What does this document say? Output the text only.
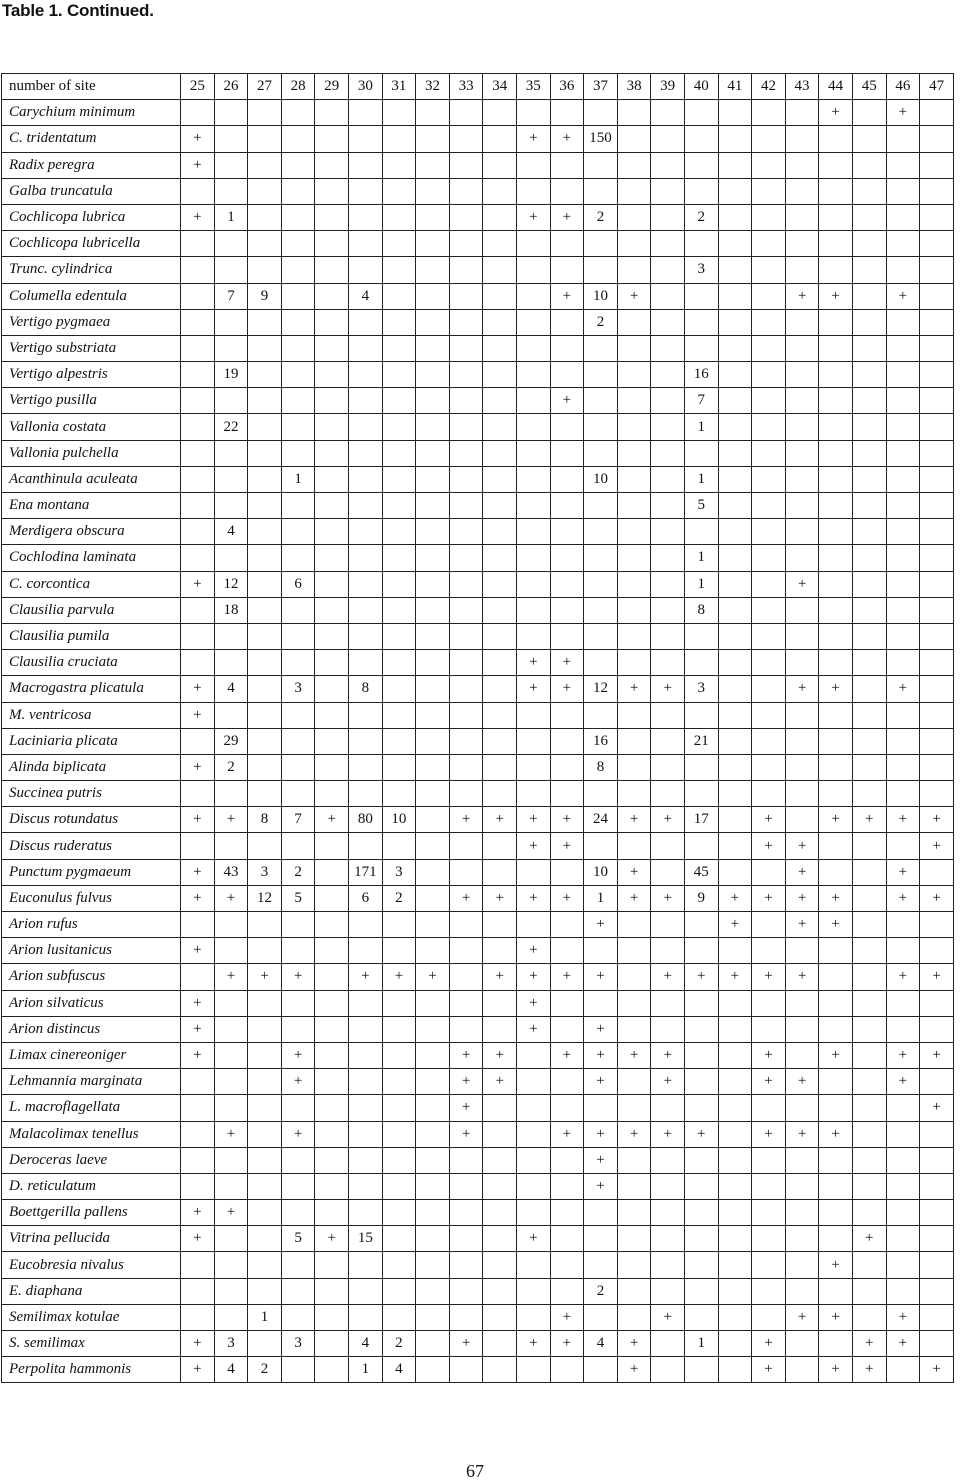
Table 1. Continued.
number of site	25	26	27	28	29	30	31	32	33	34	35	36	37	38	39	40	41	42	43	44	45	46	47
Carychium minimum																				+		+	
C. tridentatum	+										+	+	150										
Radix peregra	+																						
Galba truncatula																							
Cochlicopa lubrica	+	1									+	+	2			2							
Cochlicopa lubricella																							
Trunc. cylindrica																3							
Columella edentula		7	9			4						+	10	+					+	+		+	
Vertigo pygmaea													2										
Vertigo substriata																							
Vertigo alpestris		19														16							
Vertigo pusilla												+				7							
Vallonia costata		22														1							
Vallonia pulchella																							
Acanthinula aculeata				1									10			1							
Ena montana																5							
Merdigera obscura		4																					
Cochlodina laminata																1							
C. corcontica	+	12		6												1			+				
Clausilia parvula		18														8							
Clausilia pumila																							
Clausilia cruciata											+	+											
Macrogastra plicatula	+	4		3		8					+	+	12	+	+	3			+	+		+	
M. ventricosa	+																						
Laciniaria plicata		29											16			21							
Alinda biplicata	+	2											8										
Succinea putris																							
Discus rotundatus	+	+	8	7	+	80	10		+	+	+	+	24	+	+	17		+		+	+	+	+
Discus ruderatus											+	+						+	+				+
Punctum pygmaeum	+	43	3	2		171	3						10	+		45			+			+	
Euconulus fulvus	+	+	12	5		6	2		+	+	+	+	1	+	+	9	+	+	+	+		+	+
Arion rufus													+				+		+	+			
Arion lusitanicus	+										+												
Arion subfuscus		+	+	+		+	+	+		+	+	+	+		+	+	+	+	+			+	+
Arion silvaticus	+										+												
Arion distincus	+										+		+										
Limax cinereoniger	+			+					+	+		+	+	+	+			+		+		+	+
Lehmannia marginata				+					+	+			+		+			+	+			+	
L. macroflagellata									+														+
Malacolimax tenellus		+		+					+			+	+	+	+	+		+	+	+			
Deroceras laeve													+										
D. reticulatum													+										
Boettgerilla pallens	+	+																					
Vitrina pellucida	+			5	+	15					+										+		
Eucobresia nivalus																				+			
E. diaphana													2										
Semilimax kotulae			1									+			+				+	+		+	
S. semilimax	+	3		3		4	2		+		+	+	4	+		1		+			+	+	
Perpolita hammonis	+	4	2			1	4							+				+		+	+		+
67
